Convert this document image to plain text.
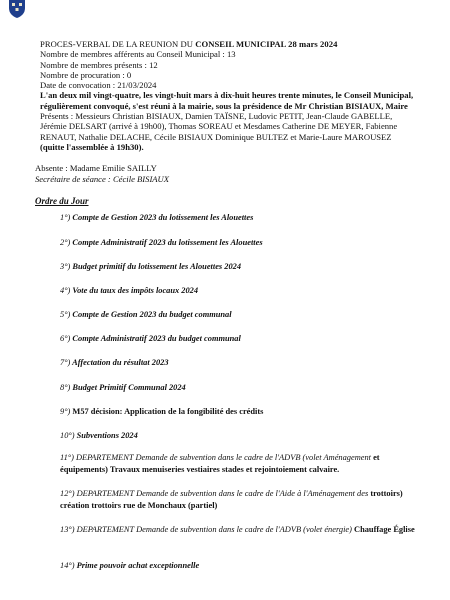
PROCES-VERBAL DE LA REUNION DU CONSEIL MUNICIPAL 28 mars 2024
Nombre de membres afférents au Conseil Municipal : 13
Nombre de membres présents : 12
Nombre de procuration : 0
Date de convocation : 21/03/2024
L'an deux mil vingt-quatre, les vingt-huit mars à dix-huit heures trente minutes, le Conseil Municipal,
régulièrement convoqué, s'est réuni à la mairie, sous la présidence de Mr Christian BISIAUX, Maire
Présents : Messieurs Christian BISIAUX, Damien TAÏSNE, Ludovic PETIT, Jean-Claude GABELLE,
Jérémie DELSART (arrivé à 19h00), Thomas SOREAU et Mesdames Catherine DE MEYER, Fabienne
RENAUT, Nathalie DELACHE, Cécile BISIAUX Dominique BULTEZ et Marie-Laure MAROUSEZ
(quitte l'assemblée à 19h30).
Absente : Madame Emilie SAILLY
Secrétaire de séance : Cécile BISIAUX
Ordre du Jour
1°) Compte de Gestion 2023 du lotissement les Alouettes
2°) Compte Administratif 2023 du lotissement les Alouettes
3°) Budget primitif du lotissement les Alouettes 2024
4°) Vote du taux des impôts locaux 2024
5°) Compte de Gestion 2023 du budget communal
6°) Compte Administratif 2023 du budget communal
7°) Affectation du résultat 2023
8°) Budget Primitif Communal 2024
9°) M57 décision: Application de la fongibilité des crédits
10°) Subventions 2024
11°) DEPARTEMENT Demande de subvention dans le cadre de l'ADVB (volet Aménagement et équipements) Travaux menuiseries vestiaires stades et rejointoiement calvaire.
12°) DEPARTEMENT Demande de subvention dans le cadre de l'Aide à l'Aménagement des trottoirs) création trottoirs rue de Monchaux (partiel)
13°) DEPARTEMENT Demande de subvention dans le cadre de l'ADVB (volet énergie) Chauffage Église
14°) Prime pouvoir achat exceptionnelle
